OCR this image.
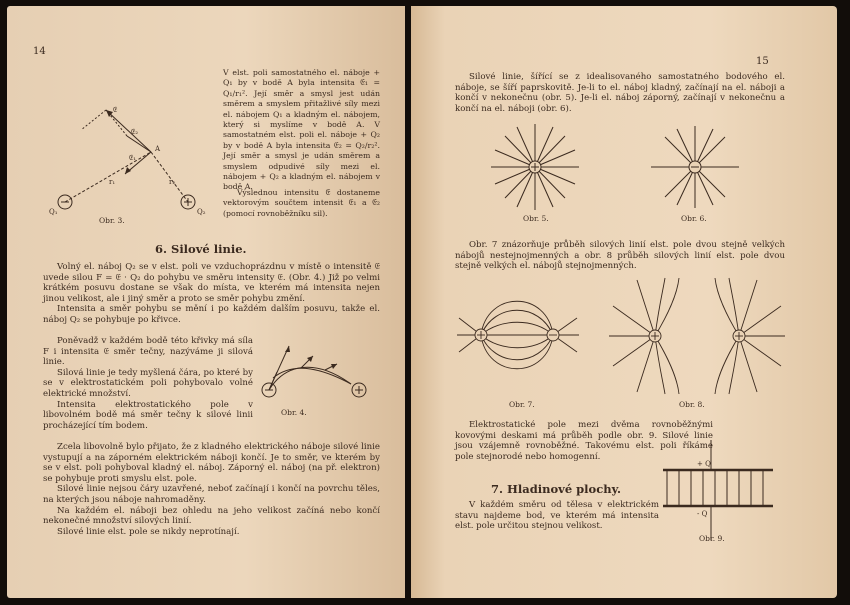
14
Q₁	Q₂
A
r₁	r₂
𝔈
𝔈₁
𝔈₂
V elst. poli samostatného el. náboje + Q₁ by v bodě A byla intensita 𝔈₁ = Q₁/r₁². Její směr a smysl jest udán směrem a smyslem přitažlivé síly mezi el. nábojem Q₁ a kladným el. nábojem, který si myslíme v bodě A. V samostatném elst. poli el. náboje + Q₂ by v bodě A byla intensita 𝔈₂ = Q₂/r₂². Její směr a smysl je udán směrem a smyslem odpudivé síly mezi el. nábojem + Q₂ a kladným el. nábojem v bodě A.
Výslednou intensitu 𝔈 dostaneme vektorovým součtem intensit 𝔈₁ a 𝔈₂ (pomocí rovnoběžníku sil).
Obr. 3.
6. Silové linie.

Volný el. náboj Q₂ se v elst. poli ve vzduchoprázdnu v místě o intensitě 𝔈 uvede silou F = 𝔈 · Q₂ do pohybu ve směru intensity 𝔈. (Obr. 4.) Již po velmi krátkém posuvu dostane se však do místa, ve kterém má intensita nejen jinou velikost, ale i jiný směr a proto se směr pohybu změní.

Intensita a směr pohybu se mění i po každém dalším posuvu, takže el. náboj Q₂ se pohybuje po křivce.

Poněvadž v každém bodě této křivky má síla F i intensita 𝔈 směr tečny, nazýváme ji silová linie.

Silová linie je tedy myšlená čára, po které by se v elektrostatickém poli pohybovalo volné elektrické množství.

Intensita elektrostatického pole v libovolném bodě má směr tečny k silové linii procházející tím bodem.

Obr. 4.

Zcela libovolně bylo přijato, že z kladného elektrického náboje silové linie vystupují a na záporném elektrickém náboji končí. Je to směr, ve kterém by se v elst. poli pohyboval kladný el. náboj. Záporný el. náboj (na př. elektron) se pohybuje proti smyslu elst. pole.

Silové linie nejsou čáry uzavřené, neboť začínají i končí na povrchu těles, na kterých jsou náboje nahromaděny.

Na každém el. náboji bez ohledu na jeho velikost začíná nebo končí nekonečné množství silových linií.

Silové linie elst. pole se nikdy neprotínají.

15

Silové linie, šířící se z idealisovaného samostatného bodového el. náboje, se šíří paprskovitě. Je-li to el. náboj kladný, začínají na el. náboji a končí v nekonečnu (obr. 5). Je-li el. náboj záporný, začínají v nekonečnu a končí na el. náboji (obr. 6).

Obr. 5.	Obr. 6.

Obr. 7 znázorňuje průběh silových linií elst. pole dvou stejně velkých nábojů nestejnojmenných a obr. 8 průběh silových linií elst. pole dvou stejně velkých el. nábojů stejnojmenných.

Obr. 7.	Obr. 8.

Elektrostatické pole mezi dvěma rovnoběžnými kovovými deskami má průběh podle obr. 9. Silové linie jsou vzájemně rovnoběžné. Takovému elst. poli říkáme pole stejnorodé nebo homogenní.

7. Hladinové plochy.

V každém směru od tělesa v elektrickém stavu najdeme bod, ve kterém má intensita elst. pole určitou stejnou velikost.

+ Q
- Q
Obr. 9.
